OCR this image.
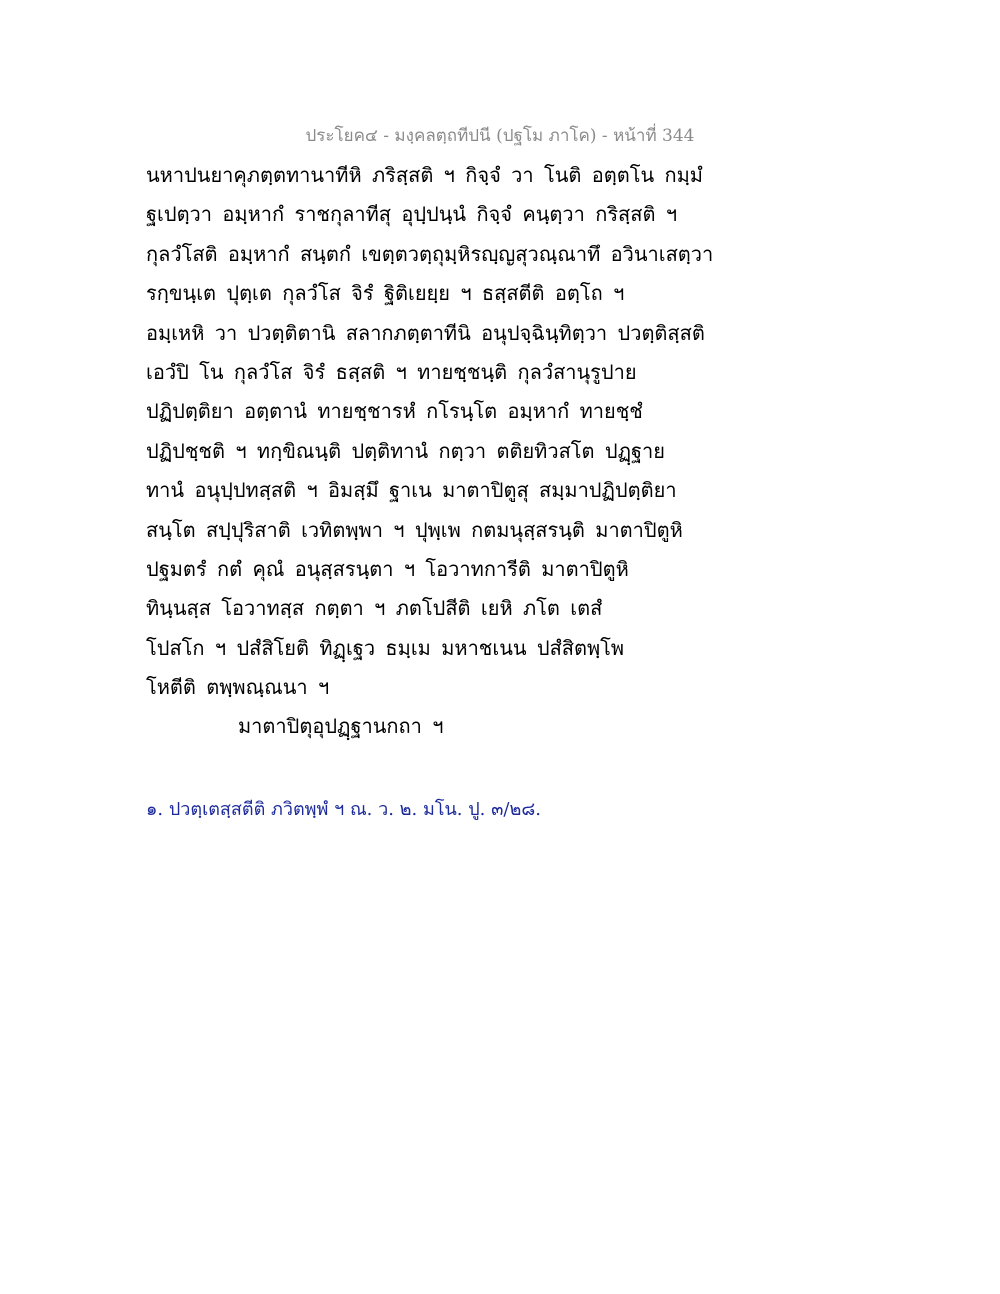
ประโยค๔ - มงฺคลตฺถทีปนี (ปฐโม ภาโค) - หน้าที่ 344
นหาปนยาคุภตฺตทานาทีหิ ภริสฺสติ ฯ กิจฺจํ วา โนติ อตฺตโน กมฺมํ
ฐเปตฺวา อมฺหากํ ราชกุลาทีสุ อุปฺปนฺนํ กิจฺจํ คนฺตฺวา กริสฺสติ ฯ
กุลวํโสติ อมฺหากํ สนฺตกํ เขตฺตวตฺถุมฺหิรญฺญสุวณฺณาทึ อวินาเสตฺวา
รกฺขนฺเต ปุตฺเต กุลวํโส จิรํ ฐิติเยยฺย ฯ ธสฺสตีติ อตฺโถ ฯ
อมฺเหหิ วา ปวตฺติตานิ สลากภตฺตาทีนิ อนุปจฺฉินฺทิตฺวา ปวตฺติสฺสติ
เอวํปิ โน กุลวํโส จิรํ ธสฺสติ ฯ ทายชฺชนฺติ กุลวํสานุรูปาย
ปฏิปตฺติยา อตฺตานํ ทายชฺชารหํ กโรนฺโต อมฺหากํ ทายชฺชํ
ปฏิปชฺชติ ฯ ทกฺขิณนฺติ ปตฺติทานํ กตฺวา ตติยทิวสโต ปฏฺฐาย
ทานํ อนุปฺปทสฺสติ ฯ อิมสฺมึ ฐาเน มาตาปิตูสุ สมฺมาปฏิปตฺติยา
สนฺโต สปฺปุริสาติ เวทิตพฺพา ฯ ปุพฺเพ กตมนุสฺสรนฺติ มาตาปิตูหิ
ปฐมตรํ กตํ คุณํ อนุสฺสรนฺตา ฯ โอวาทการีติ มาตาปิตูหิ
ทินฺนสฺส โอวาทสฺส กตฺตา ฯ ภตโปสีติ เยหิ ภโต เตสํ
โปสโก ฯ ปสํสิโยติ ทิฏฺเฐว ธมฺเม มหาชเนน ปสํสิตพฺโพ
โหตีติ ตพฺพณฺณนา ฯ
มาตาปิตุอุปฏฺฐานกถา ฯ
๑. ปวตฺเตสฺสตีติ ภวิตพฺพํ ฯ ณ. ว. ๒. มโน. ปู. ๓/๒๘.
